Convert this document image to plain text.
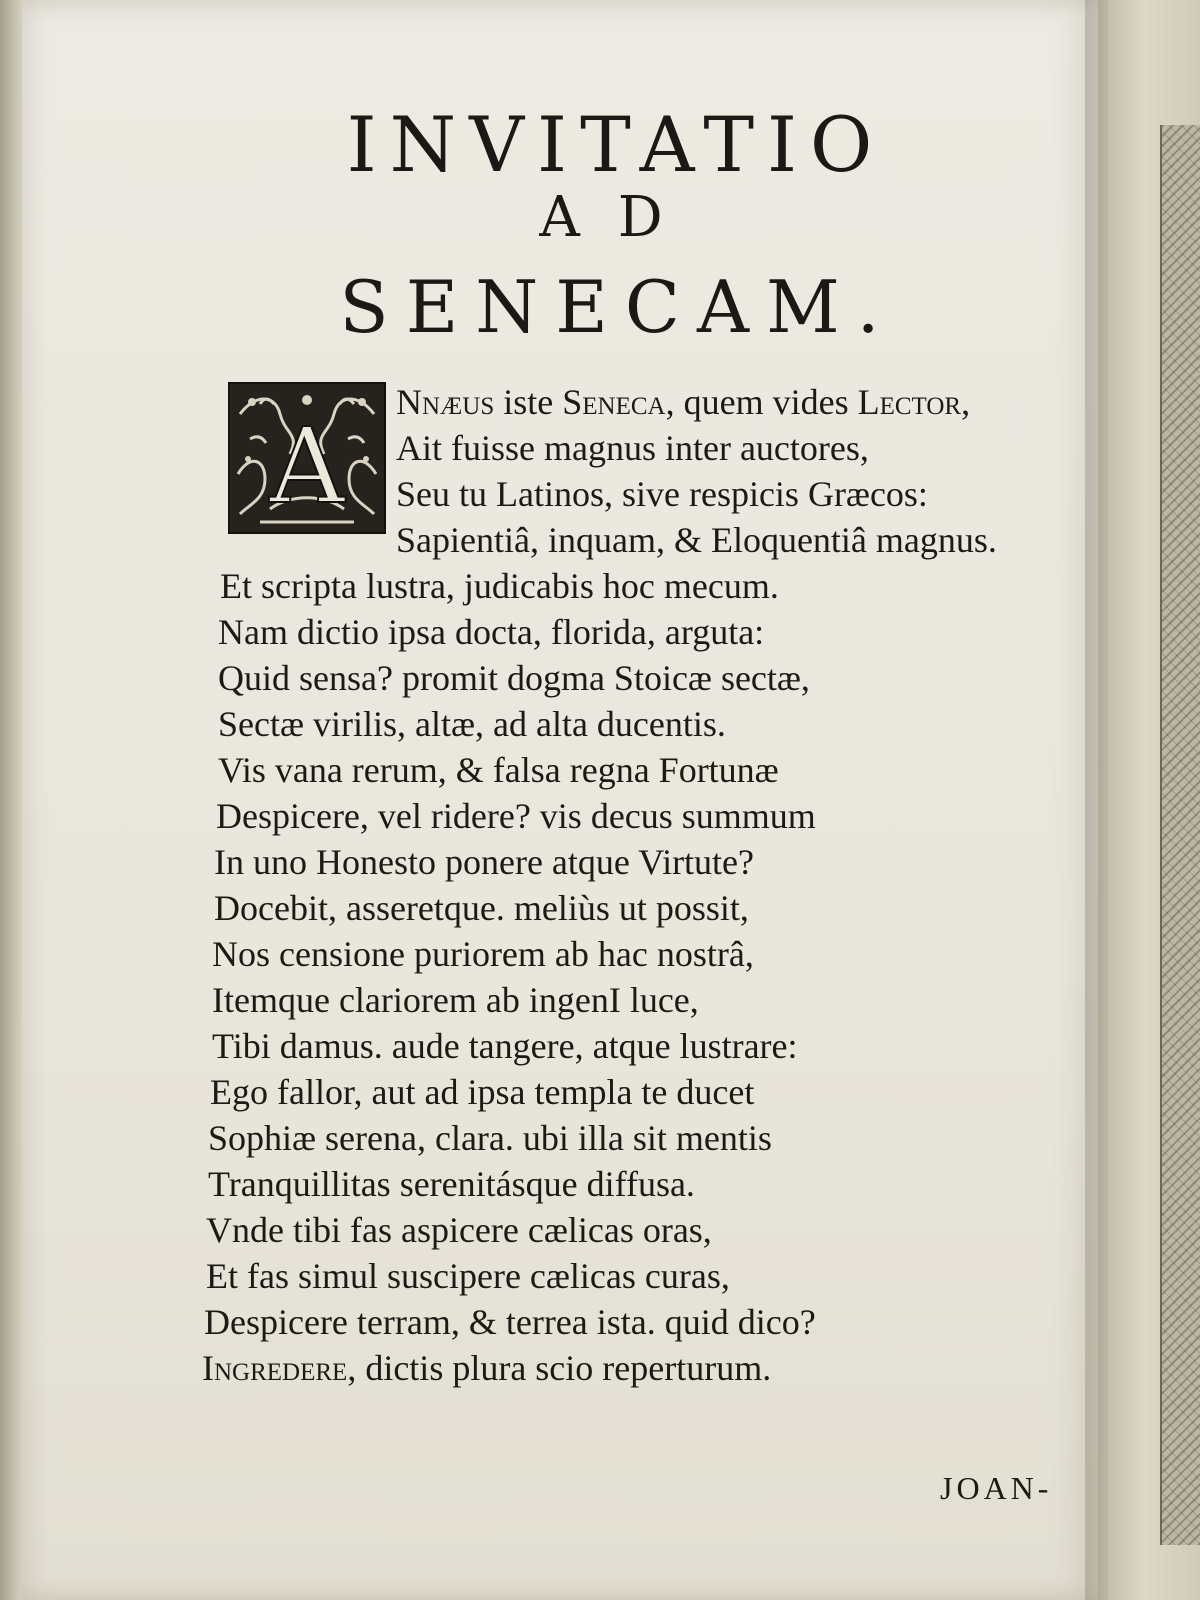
INVITATIO
AD
SENECAM.
A
Nnæus iste Seneca, quem vides Lector,
Ait fuisse magnus inter auctores,
Seu tu Latinos, sive respicis Græcos:
Sapientiâ, inquam, & Eloquentiâ magnus.
Et scripta lustra, judicabis hoc mecum.
Nam dictio ipsa docta, florida, arguta:
Quid sensa? promit dogma Stoicæ sectæ,
Sectæ virilis, altæ, ad alta ducentis.
Vis vana rerum, & falsa regna Fortunæ
Despicere, vel ridere? vis decus summum
In uno Honesto ponere atque Virtute?
Docebit, asseretque. meliùs ut possit,
Nos censione puriorem ab hac nostrâ,
Itemque clariorem ab ingenI luce,
Tibi damus. aude tangere, atque lustrare:
Ego fallor, aut ad ipsa templa te ducet
Sophiæ serena, clara. ubi illa sit mentis
Tranquillitas serenitásque diffusa.
Vnde tibi fas aspicere cælicas oras,
Et fas simul suscipere cælicas curas,
Despicere terram, & terrea ista. quid dico?
Ingredere, dictis plura scio reperturum.
JOAN-
